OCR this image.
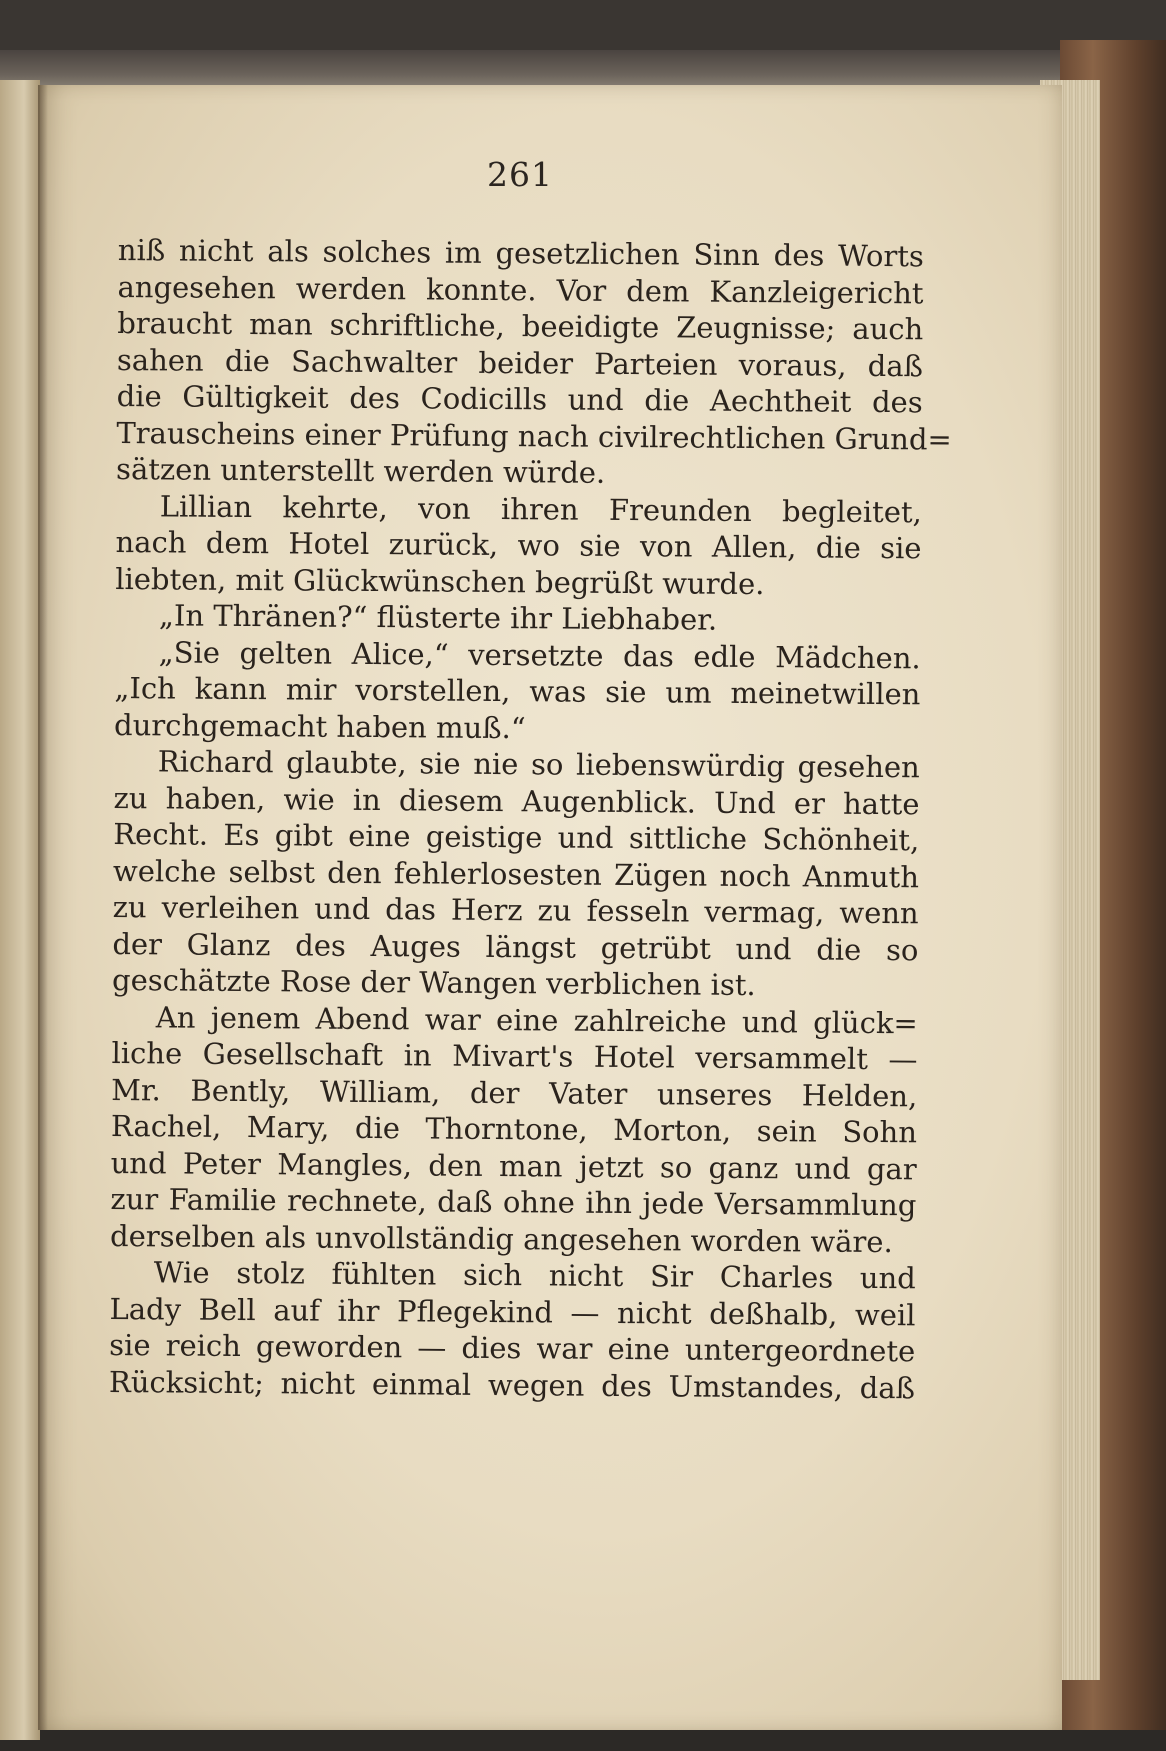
261
niß nicht als solches im gesetzlichen Sinn des Worts
angesehen werden konnte. Vor dem Kanzleigericht
braucht man schriftliche, beeidigte Zeugnisse; auch
sahen die Sachwalter beider Parteien voraus, daß
die Gültigkeit des Codicills und die Aechtheit des
Trauscheins einer Prüfung nach civilrechtlichen Grund=
sätzen unterstellt werden würde.
Lillian kehrte, von ihren Freunden begleitet,
nach dem Hotel zurück, wo sie von Allen, die sie
liebten, mit Glückwünschen begrüßt wurde.
„In Thränen?“ flüsterte ihr Liebhaber.
„Sie gelten Alice,“ versetzte das edle Mädchen.
„Ich kann mir vorstellen, was sie um meinetwillen
durchgemacht haben muß.“
Richard glaubte, sie nie so liebenswürdig gesehen
zu haben, wie in diesem Augenblick. Und er hatte
Recht. Es gibt eine geistige und sittliche Schönheit,
welche selbst den fehlerlosesten Zügen noch Anmuth
zu verleihen und das Herz zu fesseln vermag, wenn
der Glanz des Auges längst getrübt und die so
geschätzte Rose der Wangen verblichen ist.
An jenem Abend war eine zahlreiche und glück=
liche Gesellschaft in Mivart's Hotel versammelt —
Mr. Bently, William, der Vater unseres Helden,
Rachel, Mary, die Thorntone, Morton, sein Sohn
und Peter Mangles, den man jetzt so ganz und gar
zur Familie rechnete, daß ohne ihn jede Versammlung
derselben als unvollständig angesehen worden wäre.
Wie stolz fühlten sich nicht Sir Charles und
Lady Bell auf ihr Pflegekind — nicht deßhalb, weil
sie reich geworden — dies war eine untergeordnete
Rücksicht; nicht einmal wegen des Umstandes, daß
